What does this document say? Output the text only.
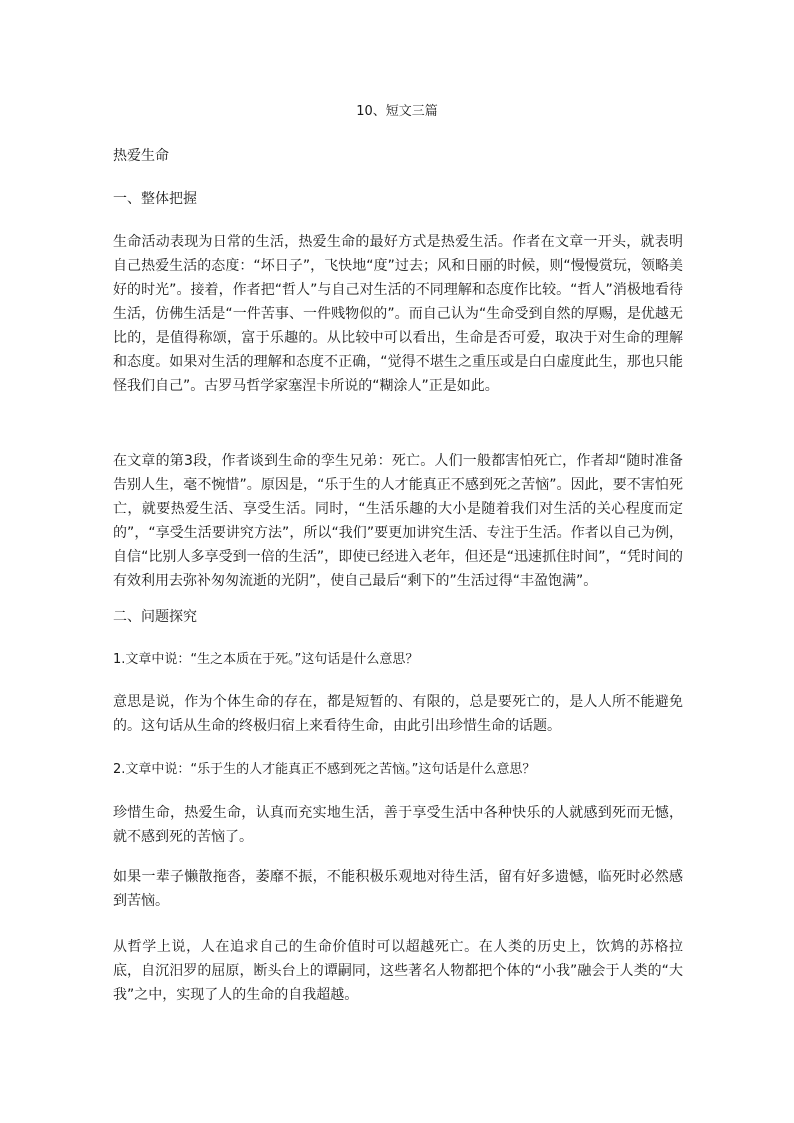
10、短文三篇

热爱生命

一、整体把握

生命活动表现为日常的生活，热爱生命的最好方式是热爱生活。作者在文章一开头，就表明自己热爱生活的态度：“坏日子”，飞快地“度”过去；风和日丽的时候，则“慢慢赏玩，领略美好的时光”。接着，作者把“哲人”与自己对生活的不同理解和态度作比较。“哲人”消极地看待生活，仿佛生活是“一件苦事、一件贱物似的”。而自己认为“生命受到自然的厚赐，是优越无比的，是值得称颂，富于乐趣的。从比较中可以看出，生命是否可爱，取决于对生命的理解和态度。如果对生活的理解和态度不正确，“觉得不堪生之重压或是白白虚度此生，那也只能怪我们自己”。古罗马哲学家塞涅卡所说的“糊涂人”正是如此。

在文章的第3段，作者谈到生命的孪生兄弟：死亡。人们一般都害怕死亡，作者却“随时准备告别人生，毫不惋惜”。原因是，“乐于生的人才能真正不感到死之苦恼”。因此，要不害怕死亡，就要热爱生活、享受生活。同时，“生活乐趣的大小是随着我们对生活的关心程度而定的”，“享受生活要讲究方法”，所以“我们”要更加讲究生活、专注于生活。作者以自己为例，自信“比别人多享受到一倍的生活”，即使已经进入老年，但还是“迅速抓住时间”，“凭时间的有效利用去弥补匆匆流逝的光阴”，使自己最后“剩下的”生活过得“丰盈饱满”。

二、问题探究

1.文章中说：“生之本质在于死。”这句话是什么意思？

意思是说，作为个体生命的存在，都是短暂的、有限的，总是要死亡的，是人人所不能避免的。这句话从生命的终极归宿上来看待生命，由此引出珍惜生命的话题。

2.文章中说：“乐于生的人才能真正不感到死之苦恼。”这句话是什么意思？

珍惜生命，热爱生命，认真而充实地生活，善于享受生活中各种快乐的人就感到死而无憾，就不感到死的苦恼了。

如果一辈子懒散拖沓，萎靡不振，不能积极乐观地对待生活，留有好多遗憾，临死时必然感到苦恼。

从哲学上说，人在追求自己的生命价值时可以超越死亡。在人类的历史上，饮鸩的苏格拉底，自沉汨罗的屈原，断头台上的谭嗣同，这些著名人物都把个体的“小我”融会于人类的“大我”之中，实现了人的生命的自我超越。
